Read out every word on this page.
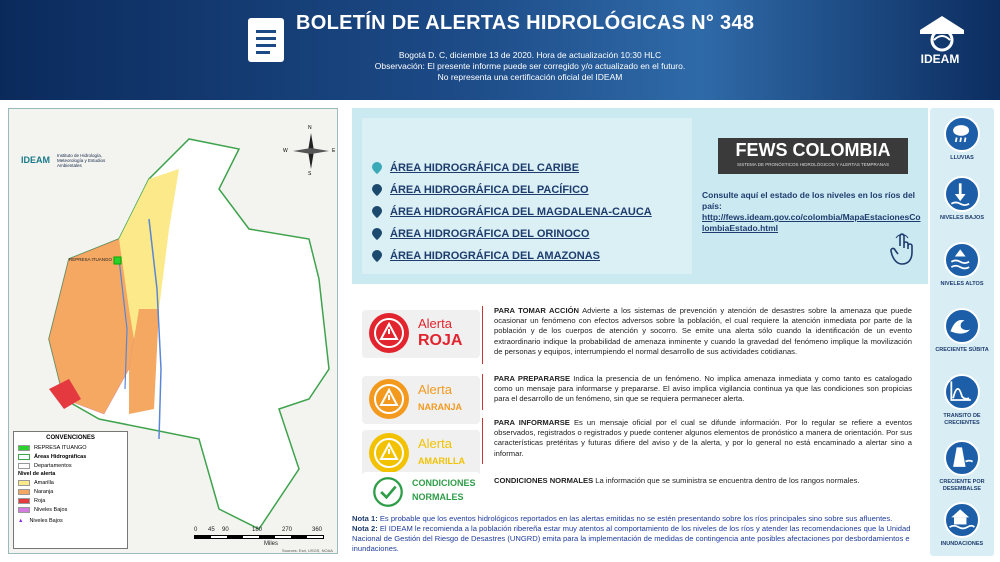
BOLETÍN DE ALERTAS HIDROLÓGICAS N° 348
Bogotá D. C, diciembre 13 de 2020. Hora de actualización 10:30 HLC
Observación: El presente informe puede ser corregido y/o actualizado en el futuro.
No representa una certificación oficial del IDEAM
IDEAM
Instituto de Hidrología, Meteorología y Estudios Ambientales
IDEAM
REPRESA ITUANGO
N
S
E
W
CONVENCIONES
REPRESA ITUANGO
Áreas Hidrográficas
Departamentos
Nivel de alerta
Amarilla
Naranja
Roja
Niveles Bajos
▲ Niveles Bajos
0 45 90	180	270	360
Miles
Sources: Esri, USGS, NOAA
ÁREA HIDROGRÁFICA DEL CARIBE
ÁREA HIDROGRÁFICA DEL PACÍFICO
ÁREA HIDROGRÁFICA DEL MAGDALENA-CAUCA
ÁREA HIDROGRÁFICA DEL ORINOCO
ÁREA HIDROGRÁFICA DEL AMAZONAS
FEWS COLOMBIA
SISTEMA DE PRONÓSTICOS HIDROLÓGICOS Y ALERTAS TEMPRANAS
Consulte aquí el estado de los niveles en los ríos del país:
http://fews.ideam.gov.co/colombia/MapaEstacionesColombiaEstado.html
Alerta
ROJA
PARA TOMAR ACCIÓN Advierte a los sistemas de prevención y atención de desastres sobre la amenaza que puede ocasionar un fenómeno con efectos adversos sobre la población, el cual requiere la atención inmediata por parte de la población y de los cuerpos de atención y socorro. Se emite una alerta sólo cuando la identificación de un evento extraordinario indique la probabilidad de amenaza inminente y cuando la gravedad del fenómeno implique la movilización de personas y equipos, interrumpiendo el normal desarrollo de sus actividades cotidianas.
Alerta
NARANJA
PARA PREPARARSE Indica la presencia de un fenómeno. No implica amenaza inmediata y como tanto es catalogado como un mensaje para informarse y prepararse. El aviso implica vigilancia continua ya que las condiciones son propicias para el desarrollo de un fenómeno, sin que se requiera permanecer alerta.
Alerta
AMARILLA
PARA INFORMARSE Es un mensaje oficial por el cual se difunde información. Por lo regular se refiere a eventos observados, registrados o registrados y puede contener algunos elementos de pronóstico a manera de orientación. Por sus características pretéritas y futuras difiere del aviso y de la alerta, y por lo general no está encaminado a alertar sino a informar.
CONDICIONES
NORMALES
CONDICIONES NORMALES La información que se suministra se encuentra dentro de los rangos normales.
Nota 1: Es probable que los eventos hidrológicos reportados en las alertas emitidas no se estén presentando sobre los ríos principales sino sobre sus afluentes.
Nota 2: El IDEAM le recomienda a la población ribereña estar muy atentos al comportamiento de los niveles de los ríos y atender las recomendaciones que la Unidad Nacional de Gestión del Riesgo de Desastres (UNGRD) emita para la implementación de medidas de contingencia ante posibles afectaciones por desbordamientos e inundaciones.
LLUVIAS
NIVELES BAJOS
NIVELES ALTOS
CRECIENTE SÚBITA
TRANSITO DE CRECIENTES
CRECIENTE POR DESEMBALSE
INUNDACIONES
